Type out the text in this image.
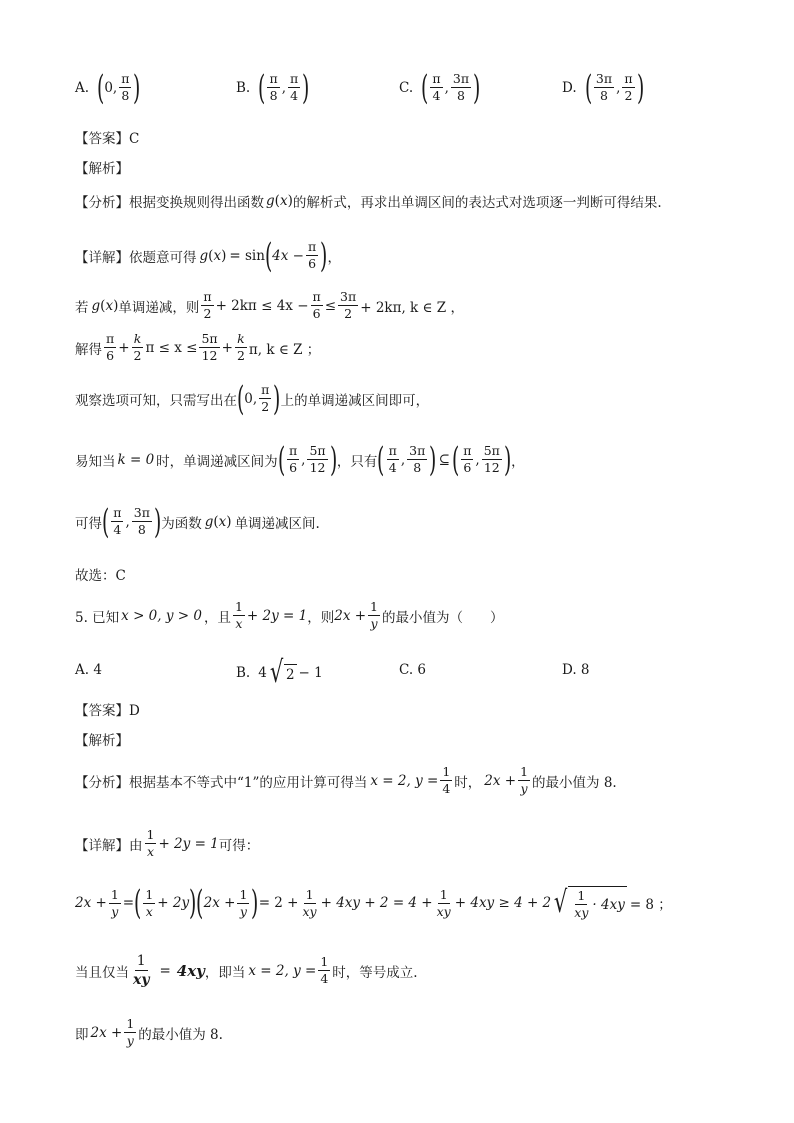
A. ( 0, $\frac{\pi}{8}$ )	B. ( $\frac{\pi}{8}$ , $\frac{\pi}{4}$ )	C. ( $\frac{\pi}{4}$ , $\frac{3\pi}{8}$ )	D. ( $\frac{3\pi}{8}$ , $\frac{\pi}{2}$ )
【答案】C
【解析】
【分析】根据变换规则得出函数 g ( x ) 的解析式，再求出单调区间的表达式对选项逐一判断可得结果.
【详解】依题意可得 g ( x ) = sin ( $4x - \frac{\pi}{6}$ ) ，
若 g ( x ) 单调递减，则 $\frac{\pi}{2} + 2k\pi \le 4x - \frac{\pi}{6} \le \frac{3\pi}{2} + 2k\pi$, k ∈ Z ，
解得 $\frac{\pi}{6} + \frac{k}{2}$ $\pi \le x \le \frac{5\pi}{12} + \frac{k}{2} \pi$, k ∈ Z ；
观察选项可知，只需写出在 ( 0, $\frac{\pi}{2}$ ) 上的单调递减区间即可，
易知当 k = 0 时，单调递减区间为 ( $\frac{\pi}{6}$ , $\frac{5\pi}{12}$ ) ，只有 ( $\frac{\pi}{4}$ , $\frac{3\pi}{8}$ ) ⊆ ( $\frac{\pi}{6}$ , $\frac{5\pi}{12}$ ) ，
可得 ( $\frac{\pi}{4}$ , $\frac{3\pi}{8}$ ) 为函数 g ( x ) 单调递减区间.
故选：C
5. 已知 x > 0, y > 0 ，且 $\frac{1}{x} + 2y = 1$ ，则 $2x + \frac{1}{y}$ 的最小值为（　　）
A. 4	B. 4 √ 2 − 1	C. 6	D. 8
【答案】D
【解析】
【分析】根据基本不等式中“1”的应用计算可得当 x = 2, $y = \frac{1}{4}$ 时， $2x + \frac{1}{y}$ 的最小值为 8.
【详解】由 $\frac{1}{x} + 2y = 1$ 可得：
$2x + \frac{1}{y}$ = ( $\frac{1}{x} + 2y$ ) ( $2x + \frac{1}{y}$ ) = $2 + \frac{1}{xy} + 4xy + 2 = 4 + \frac{1}{xy} + 4xy \ge 4 + 2$ √ $\frac{1}{xy} \cdot 4xy = 8$ ；
当且仅当 $\frac{1}{xy} = 4xy$ ，即当 x = 2, $y = \frac{1}{4}$ 时，等号成立.
即 $2x + \frac{1}{y}$ 的最小值为 8.
